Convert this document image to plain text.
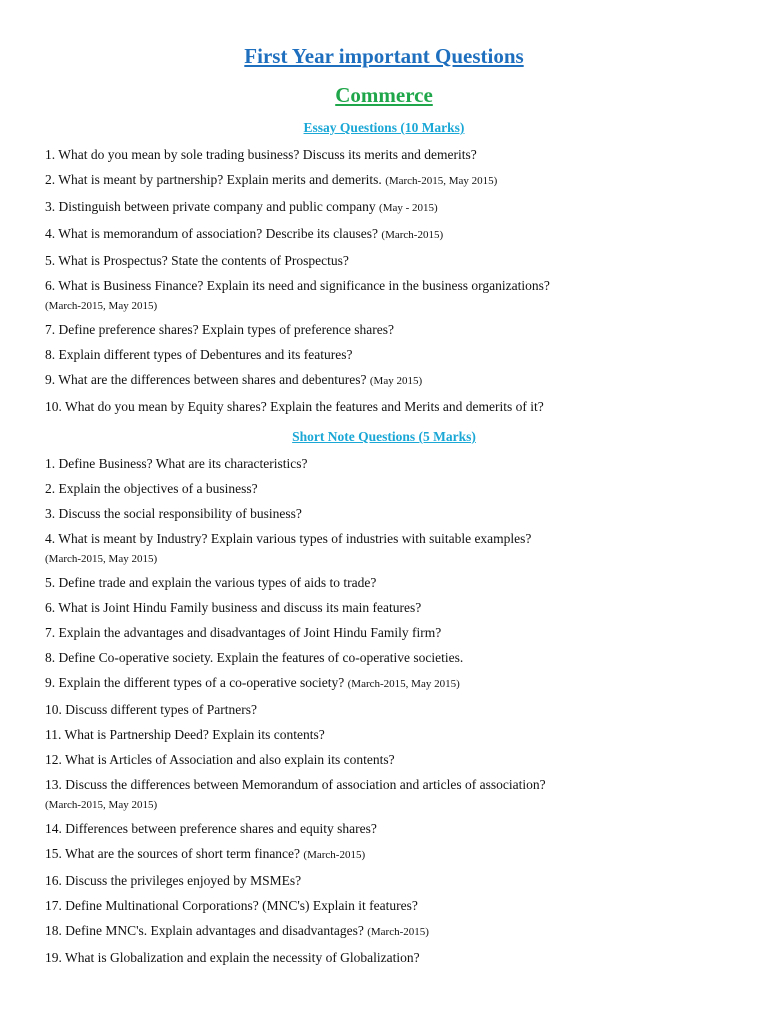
First Year important Questions
Commerce
Essay Questions (10 Marks)
1. What do you mean by sole trading business? Discuss its merits and demerits?
2. What is meant by partnership? Explain merits and demerits. (March-2015, May 2015)
3. Distinguish between private company and public company (May - 2015)
4. What is memorandum of association? Describe its clauses? (March-2015)
5. What is Prospectus? State the contents of Prospectus?
6. What is Business Finance? Explain its need and significance in the business organizations?
(March-2015, May 2015)
7. Define preference shares? Explain types of preference shares?
8. Explain different types of Debentures and its features?
9. What are the differences between shares and debentures? (May 2015)
10. What do you mean by Equity shares? Explain the features and Merits and demerits of it?
Short Note Questions (5 Marks)
1. Define Business? What are its characteristics?
2. Explain the objectives of a business?
3. Discuss the social responsibility of business?
4. What is meant by Industry? Explain various types of industries with suitable examples?
(March-2015, May 2015)
5. Define trade and explain the various types of aids to trade?
6. What is Joint Hindu Family business and discuss its main features?
7. Explain the advantages and disadvantages of Joint Hindu Family firm?
8. Define Co-operative society. Explain the features of co-operative societies.
9. Explain the different types of a co-operative society? (March-2015, May 2015)
10. Discuss different types of Partners?
11. What is Partnership Deed? Explain its contents?
12. What is Articles of Association and also explain its contents?
13. Discuss the differences between Memorandum of association and articles of association?
(March-2015, May 2015)
14. Differences between preference shares and equity shares?
15. What are the sources of short term finance? (March-2015)
16. Discuss the privileges enjoyed by MSMEs?
17. Define Multinational Corporations? (MNC's) Explain it features?
18. Define MNC's. Explain advantages and disadvantages? (March-2015)
19. What is Globalization and explain the necessity of Globalization?
